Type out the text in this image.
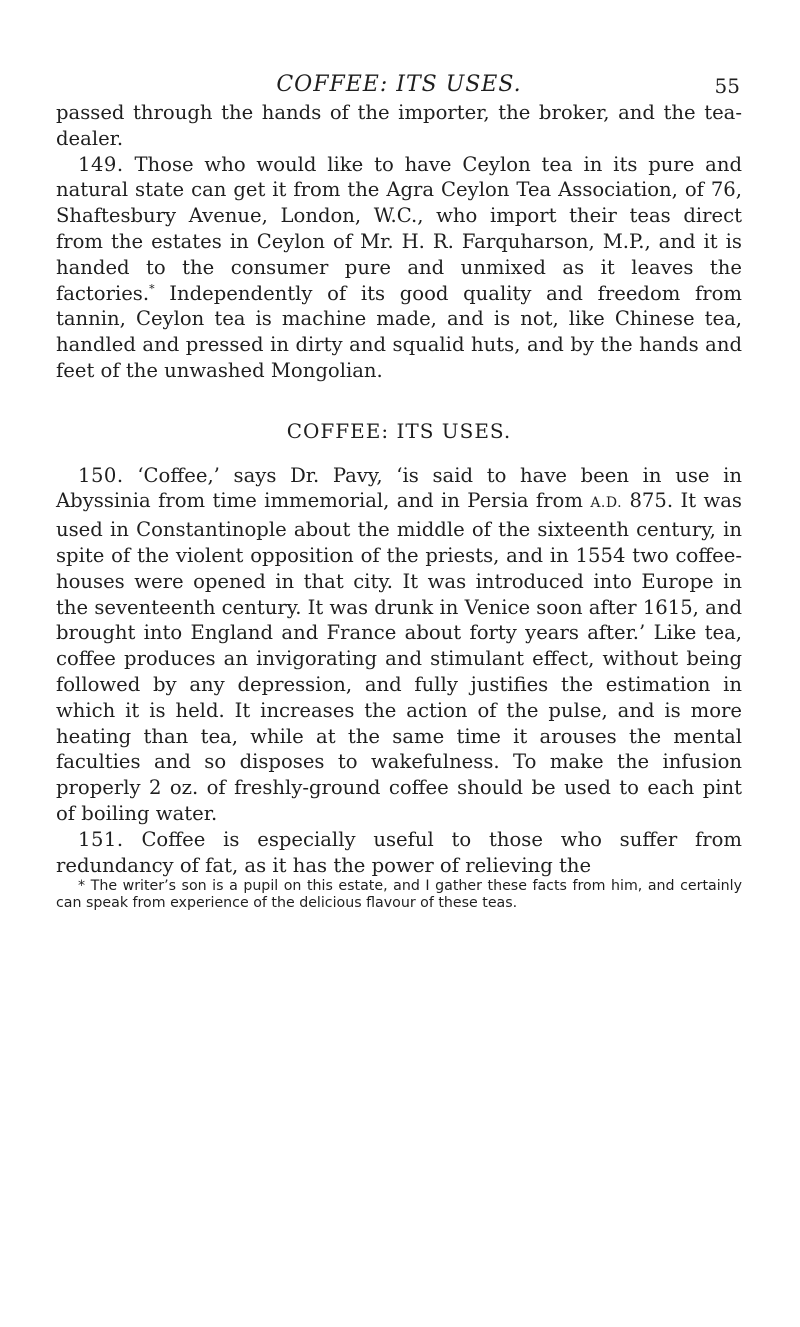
COFFEE: ITS USES.	55

passed through the hands of the importer, the broker, and the tea-dealer.

149. Those who would like to have Ceylon tea in its pure and natural state can get it from the Agra Ceylon Tea Association, of 76, Shaftesbury Avenue, London, W.C., who import their teas direct from the estates in Ceylon of Mr. H. R. Farquharson, M.P., and it is handed to the consumer pure and unmixed as it leaves the factories.* Independently of its good quality and freedom from tannin, Ceylon tea is machine made, and is not, like Chinese tea, handled and pressed in dirty and squalid huts, and by the hands and feet of the unwashed Mongolian.

COFFEE: ITS USES.

150. ‘Coffee,’ says Dr. Pavy, ‘is said to have been in use in Abyssinia from time immemorial, and in Persia from A.D. 875. It was used in Constantinople about the middle of the sixteenth century, in spite of the violent opposition of the priests, and in 1554 two coffee-houses were opened in that city. It was introduced into Europe in the seventeenth century. It was drunk in Venice soon after 1615, and brought into England and France about forty years after.’ Like tea, coffee produces an invigorating and stimulant effect, without being followed by any depression, and fully justifies the estimation in which it is held. It increases the action of the pulse, and is more heating than tea, while at the same time it arouses the mental faculties and so disposes to wakefulness. To make the infusion properly 2 oz. of freshly-ground coffee should be used to each pint of boiling water.

151. Coffee is especially useful to those who suffer from redundancy of fat, as it has the power of relieving the

* The writer’s son is a pupil on this estate, and I gather these facts from him, and certainly can speak from experience of the delicious flavour of these teas.
